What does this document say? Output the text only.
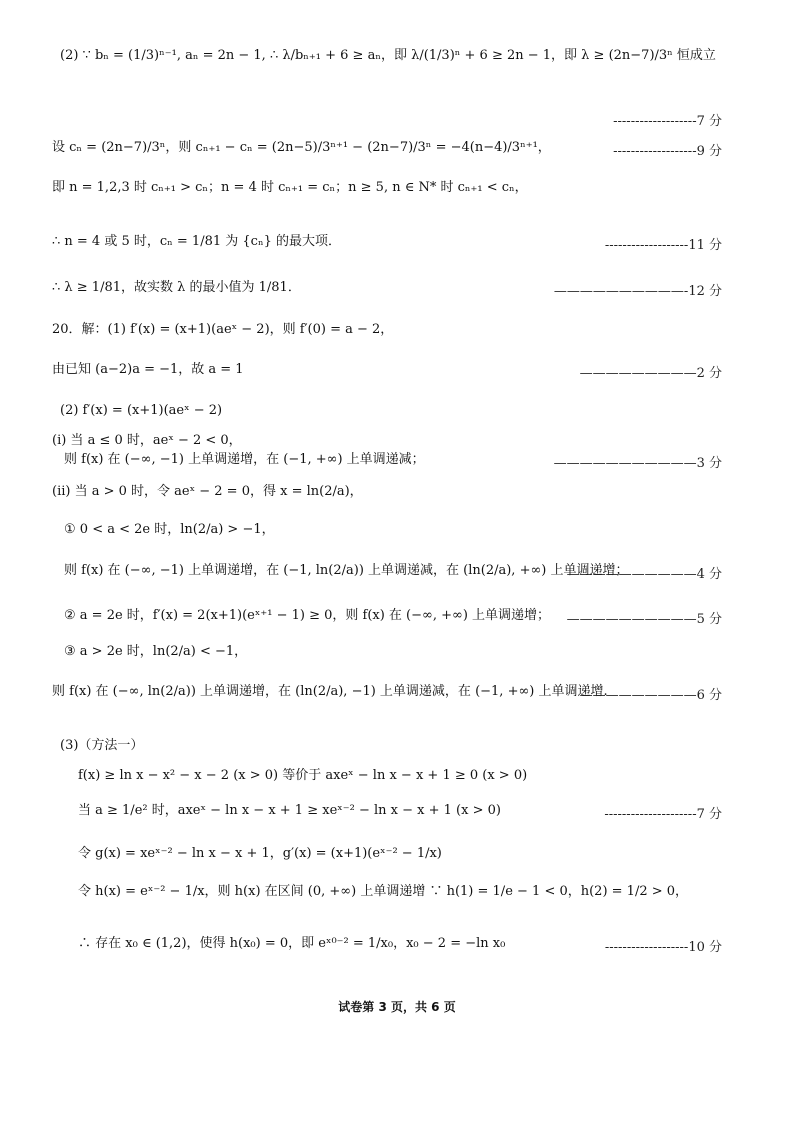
(2) ∵ bₙ = (1/3)ⁿ⁻¹, aₙ = 2n − 1, ∴ λ/bₙ₊₁ + 6 ≥ aₙ，即 λ/(1/3)ⁿ + 6 ≥ 2n − 1，即 λ ≥ (2n−7)/3ⁿ 恒成立
-------------------7 分
设 cₙ = (2n−7)/3ⁿ，则 cₙ₊₁ − cₙ = (2n−5)/3ⁿ⁺¹ − (2n−7)/3ⁿ = −4(n−4)/3ⁿ⁺¹，	-------------------9 分
即 n = 1,2,3 时 cₙ₊₁ > cₙ；n = 4 时 cₙ₊₁ = cₙ；n ≥ 5, n ∈ N* 时 cₙ₊₁ < cₙ，
∴ n = 4 或 5 时，cₙ = 1/81 为 {cₙ} 的最大项．	-------------------11 分
∴ λ ≥ 1/81，故实数 λ 的最小值为 1/81．	——————————-12 分
20．解：(1) f′(x) = (x+1)(aeˣ − 2)，则 f′(0) = a − 2，
由已知 (a−2)a = −1，故 a = 1	—————————2 分
(2) f′(x) = (x+1)(aeˣ − 2)
(ⅰ) 当 a ≤ 0 时，aeˣ − 2 < 0，
则 f(x) 在 (−∞, −1) 上单调递增，在 (−1, +∞) 上单调递减；	———————————3 分
(ⅱ) 当 a > 0 时，令 aeˣ − 2 = 0，得 x = ln(2/a)，
① 0 < a < 2e 时，ln(2/a) > −1，
则 f(x) 在 (−∞, −1) 上单调递增，在 (−1, ln(2/a)) 上单调递减，在 (ln(2/a), +∞) 上单调递增；
——————————4 分
② a = 2e 时，f′(x) = 2(x+1)(eˣ⁺¹ − 1) ≥ 0，则 f(x) 在 (−∞, +∞) 上单调递增； ——————————5 分
③ a > 2e 时，ln(2/a) < −1，
则 f(x) 在 (−∞, ln(2/a)) 上单调递增，在 (ln(2/a), −1) 上单调递减，在 (−1, +∞) 上单调递增.
—————————6 分
(3)（方法一）
f(x) ≥ ln x − x² − x − 2 (x > 0) 等价于 axeˣ − ln x − x + 1 ≥ 0 (x > 0)
当 a ≥ 1/e² 时，axeˣ − ln x − x + 1 ≥ xeˣ⁻² − ln x − x + 1 (x > 0)	---------------------7 分
令 g(x) = xeˣ⁻² − ln x − x + 1，g′(x) = (x+1)(eˣ⁻² − 1/x)
令 h(x) = eˣ⁻² − 1/x，则 h(x) 在区间 (0, +∞) 上单调递增 ∵ h(1) = 1/e − 1 < 0，h(2) = 1/2 > 0，
∴ 存在 x₀ ∈ (1,2)，使得 h(x₀) = 0，即 eˣ⁰⁻² = 1/x₀，x₀ − 2 = −ln x₀	-------------------10 分
试卷第 3 页，共 6 页
